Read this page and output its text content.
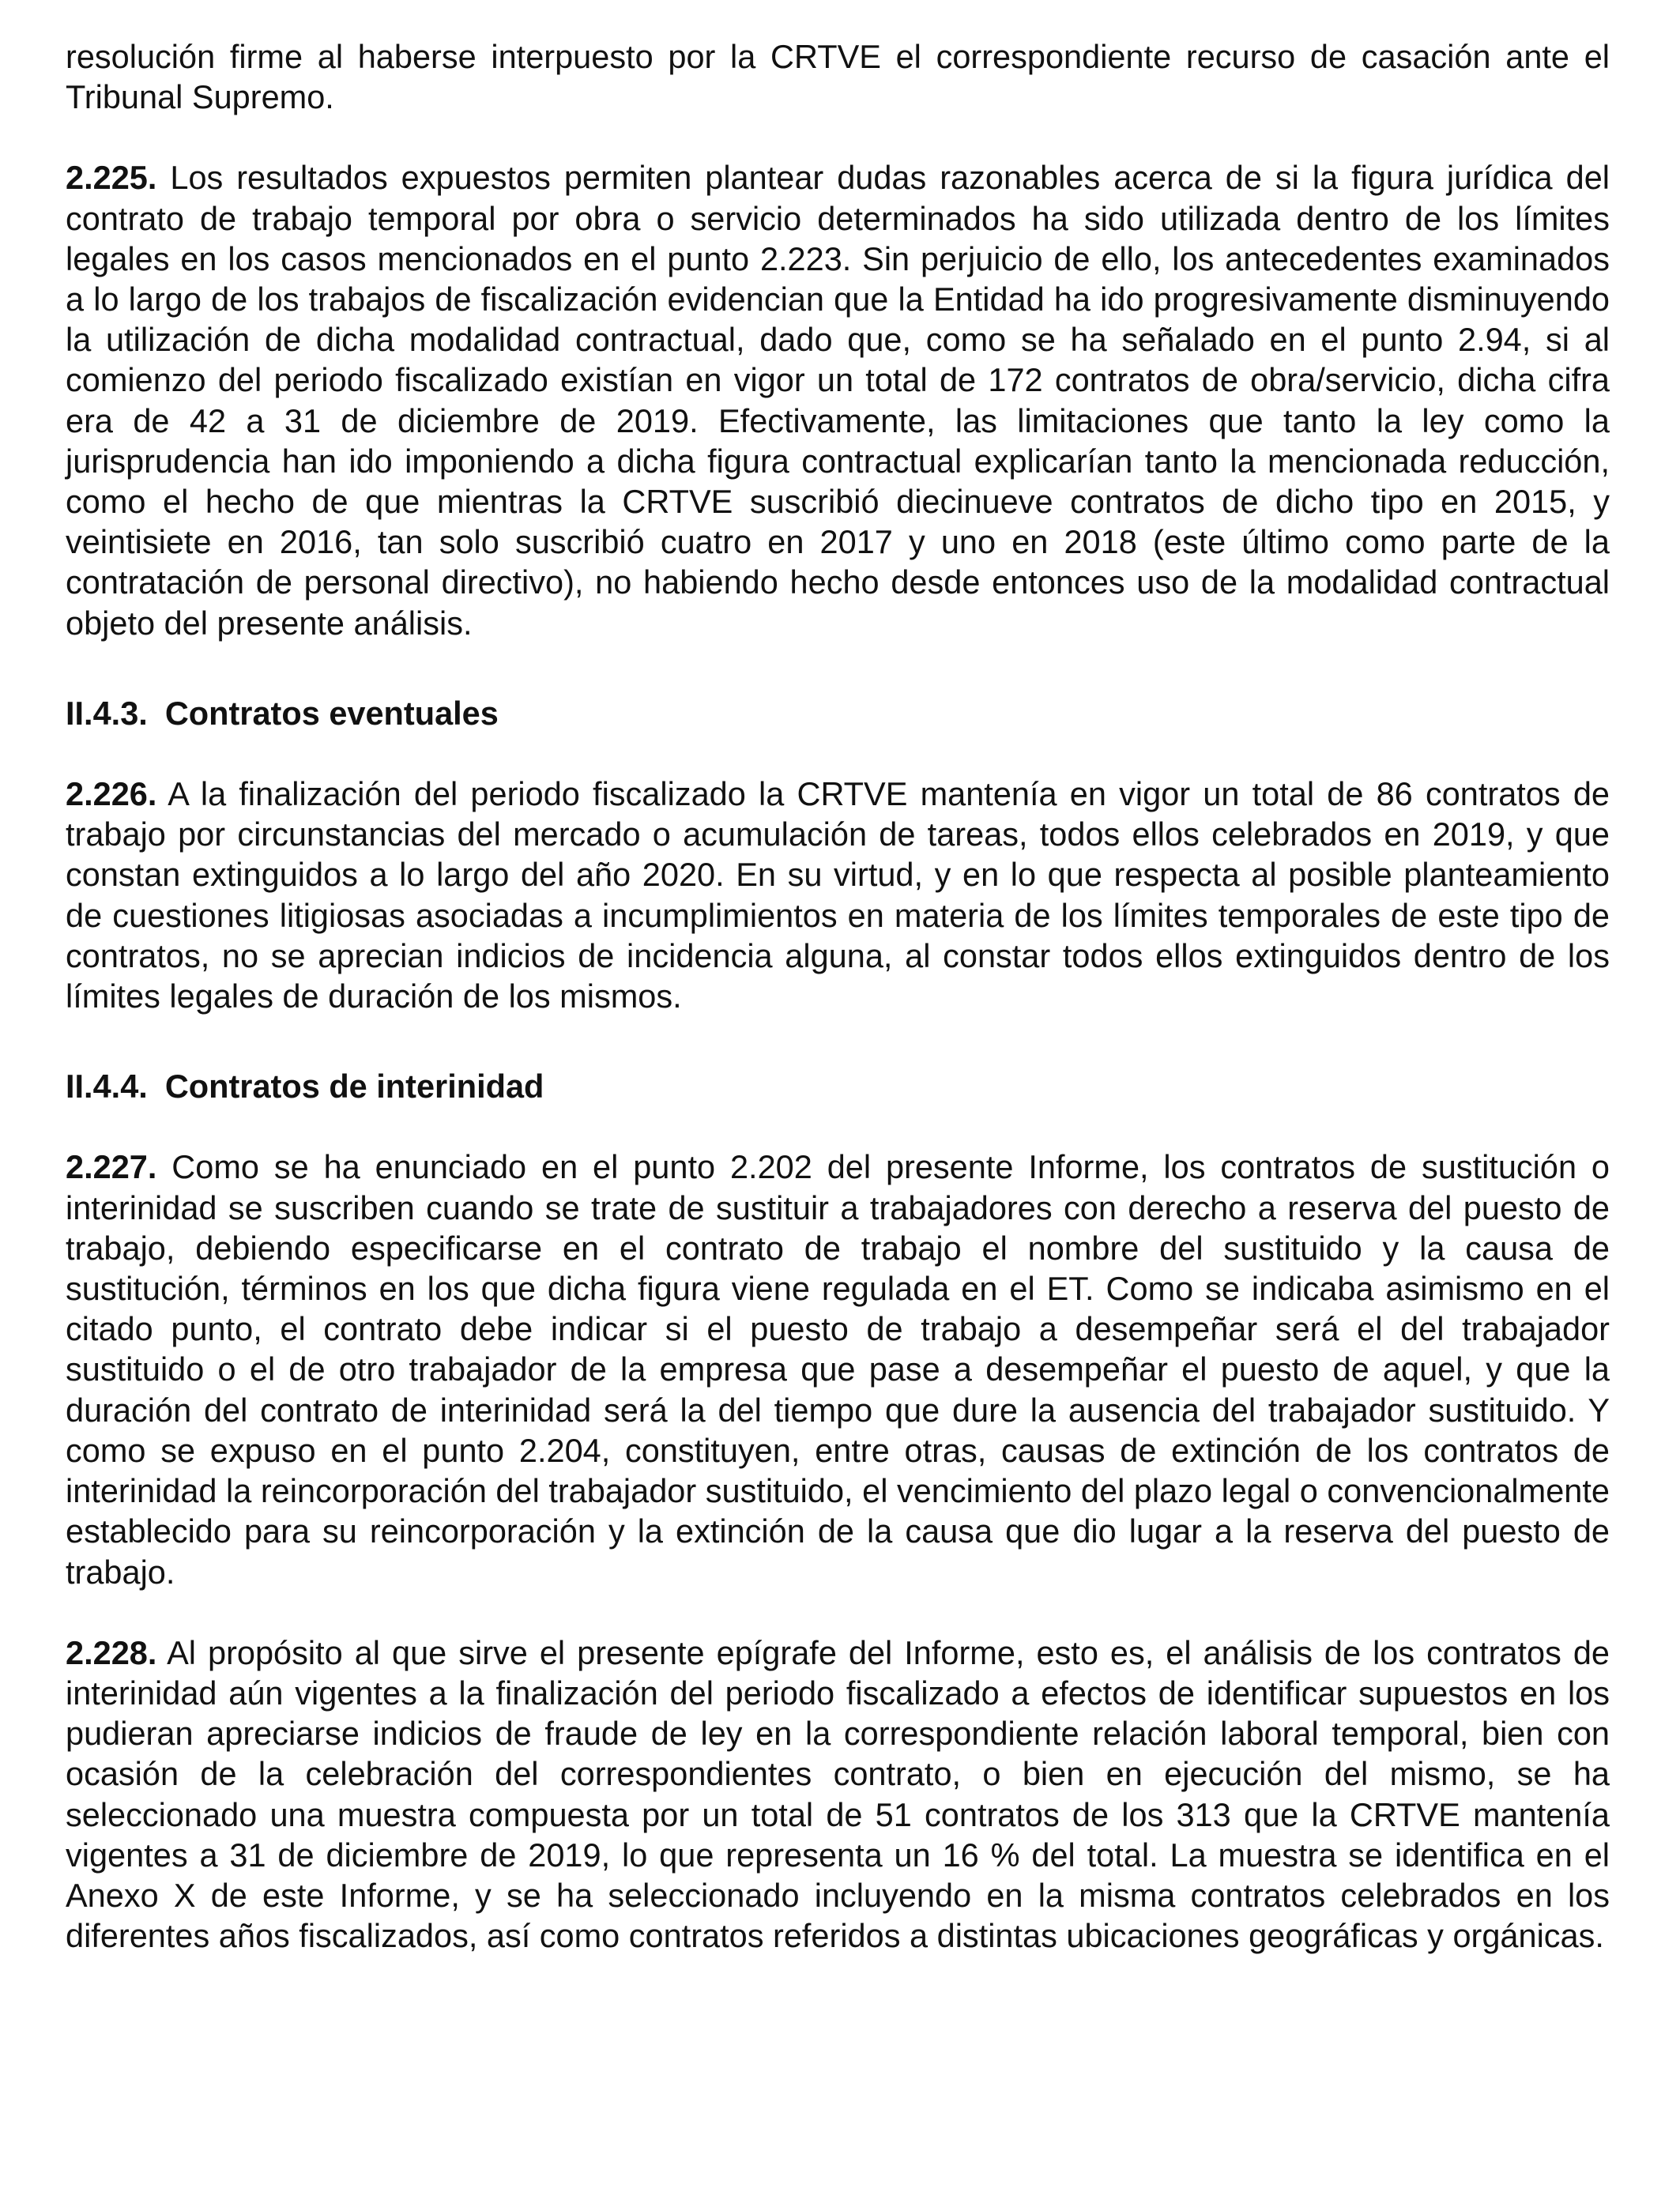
resolución firme al haberse interpuesto por la CRTVE el correspondiente recurso de casación ante el Tribunal Supremo.

2.225. Los resultados expuestos permiten plantear dudas razonables acerca de si la figura jurídica del contrato de trabajo temporal por obra o servicio determinados ha sido utilizada dentro de los límites legales en los casos mencionados en el punto 2.223. Sin perjuicio de ello, los antecedentes examinados a lo largo de los trabajos de fiscalización evidencian que la Entidad ha ido progresivamente disminuyendo la utilización de dicha modalidad contractual, dado que, como se ha señalado en el punto 2.94, si al comienzo del periodo fiscalizado existían en vigor un total de 172 contratos de obra/servicio, dicha cifra era de 42 a 31 de diciembre de 2019. Efectivamente, las limitaciones que tanto la ley como la jurisprudencia han ido imponiendo a dicha figura contractual explicarían tanto la mencionada reducción, como el hecho de que mientras la CRTVE suscribió diecinueve contratos de dicho tipo en 2015, y veintisiete en 2016, tan solo suscribió cuatro en 2017 y uno en 2018 (este último como parte de la contratación de personal directivo), no habiendo hecho desde entonces uso de la modalidad contractual objeto del presente análisis.

II.4.3. Contratos eventuales

2.226. A la finalización del periodo fiscalizado la CRTVE mantenía en vigor un total de 86 contratos de trabajo por circunstancias del mercado o acumulación de tareas, todos ellos celebrados en 2019, y que constan extinguidos a lo largo del año 2020. En su virtud, y en lo que respecta al posible planteamiento de cuestiones litigiosas asociadas a incumplimientos en materia de los límites temporales de este tipo de contratos, no se aprecian indicios de incidencia alguna, al constar todos ellos extinguidos dentro de los límites legales de duración de los mismos.

II.4.4. Contratos de interinidad

2.227. Como se ha enunciado en el punto 2.202 del presente Informe, los contratos de sustitución o interinidad se suscriben cuando se trate de sustituir a trabajadores con derecho a reserva del puesto de trabajo, debiendo especificarse en el contrato de trabajo el nombre del sustituido y la causa de sustitución, términos en los que dicha figura viene regulada en el ET. Como se indicaba asimismo en el citado punto, el contrato debe indicar si el puesto de trabajo a desempeñar será el del trabajador sustituido o el de otro trabajador de la empresa que pase a desempeñar el puesto de aquel, y que la duración del contrato de interinidad será la del tiempo que dure la ausencia del trabajador sustituido. Y como se expuso en el punto 2.204, constituyen, entre otras, causas de extinción de los contratos de interinidad la reincorporación del trabajador sustituido, el vencimiento del plazo legal o convencionalmente establecido para su reincorporación y la extinción de la causa que dio lugar a la reserva del puesto de trabajo.

2.228. Al propósito al que sirve el presente epígrafe del Informe, esto es, el análisis de los contratos de interinidad aún vigentes a la finalización del periodo fiscalizado a efectos de identificar supuestos en los pudieran apreciarse indicios de fraude de ley en la correspondiente relación laboral temporal, bien con ocasión de la celebración del correspondientes contrato, o bien en ejecución del mismo, se ha seleccionado una muestra compuesta por un total de 51 contratos de los 313 que la CRTVE mantenía vigentes a 31 de diciembre de 2019, lo que representa un 16 % del total. La muestra se identifica en el Anexo X de este Informe, y se ha seleccionado incluyendo en la misma contratos celebrados en los diferentes años fiscalizados, así como contratos referidos a distintas ubicaciones geográficas y orgánicas.
